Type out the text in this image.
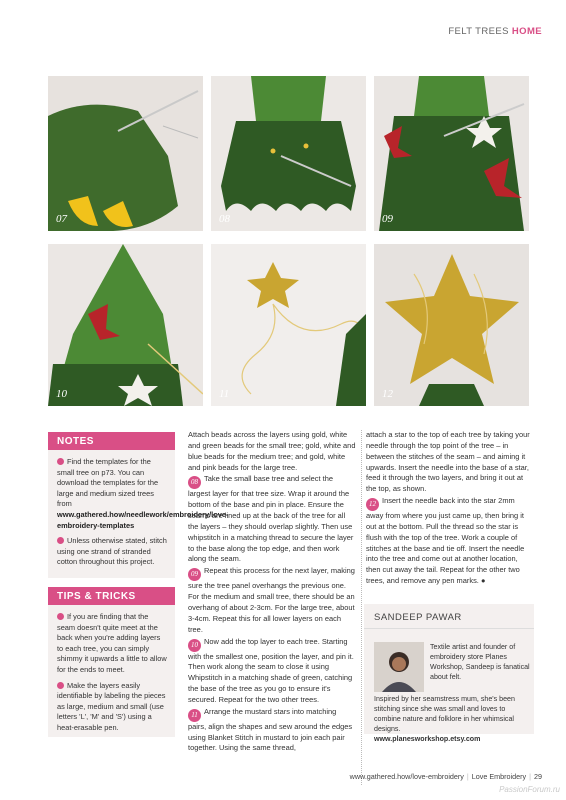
FELT TREES HOME
07	08	09
10	11	12
NOTES

Find the templates for the small tree on p73. You can download the templates for the large and medium sized trees from www.gathered.how/needlework/embroidery/love-embroidery-templates

Unless otherwise stated, stitch using one strand of stranded cotton throughout this project.

TIPS & TRICKS

If you are finding that the seam doesn't quite meet at the back when you're adding layers to each tree, you can simply shimmy it upwards a little to allow for the ends to meet.

Make the layers easily identifiable by labeling the pieces as large, medium and small (use letters 'L', 'M' and 'S') using a heat-erasable pen.

Attach beads across the layers using gold, white and green beads for the small tree; gold, white and blue beads for the medium tree; and gold, white and pink beads for the large tree.

08 Take the small base tree and select the largest layer for that tree size. Wrap it around the bottom of the base and pin in place. Ensure the seams are lined up at the back of the tree for all the layers – they should overlap slightly. Then use whipstitch in a matching thread to secure the layer to the base along the top edge, and then work along the seam.

09 Repeat this process for the next layer, making sure the tree panel overhangs the previous one. For the medium and small tree, there should be an overhang of about 2-3cm. For the large tree, about 3-4cm. Repeat this for all lower layers on each tree.

10 Now add the top layer to each tree. Starting with the smallest one, position the layer, and pin it. Then work along the seam to close it using Whipstitch in a matching shade of green, catching the base of the tree as you go to ensure it's secured. Repeat for the two other trees.

11 Arrange the mustard stars into matching pairs, align the shapes and sew around the edges using Blanket Stitch in mustard to join each pair together. Using the same thread,

attach a star to the top of each tree by taking your needle through the top point of the tree – in between the stitches of the seam – and aiming it upwards. Insert the needle into the base of a star, feed it through the two layers, and bring it out at the top, as shown.

12 Insert the needle back into the star 2mm away from where you just came up, then bring it out at the bottom. Pull the thread so the star is flush with the top of the tree. Work a couple of stitches at the base and tie off. Insert the needle into the tree and come out at another location, then cut away the tail. Repeat for the other two trees, and remove any pen marks. ●

SANDEEP PAWAR
Textile artist and founder of embroidery store Planes Workshop, Sandeep is fanatical about felt.
Inspired by her seamstress mum, she's been stitching since she was small and loves to combine nature and folklore in her whimsical designs.
www.planesworkshop.etsy.com
www.gathered.how/love-embroidery | Love Embroidery | 29
PassionForum.ru
